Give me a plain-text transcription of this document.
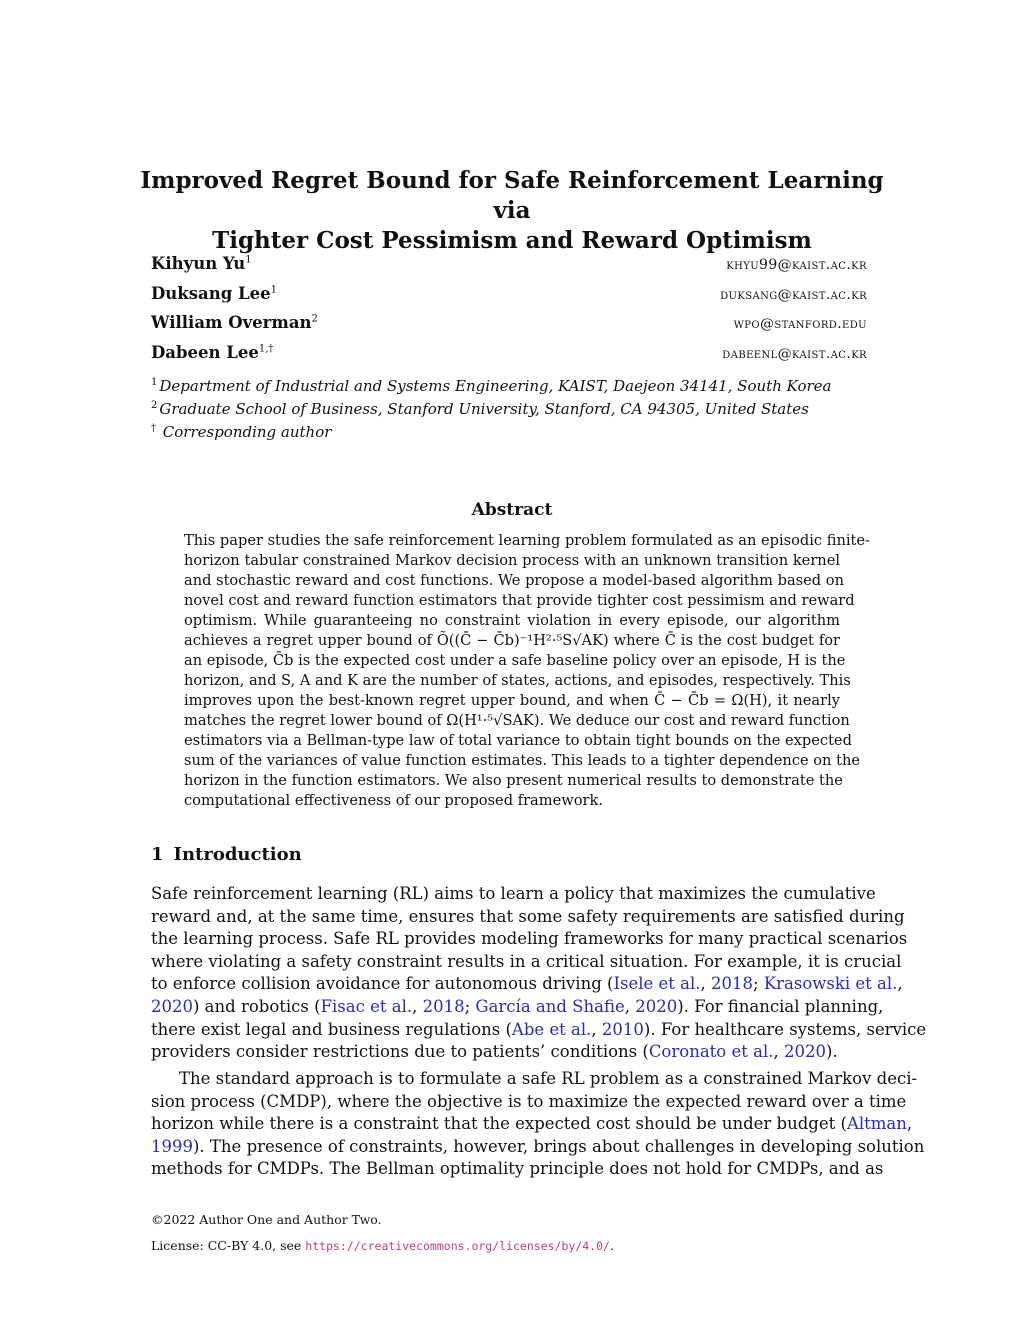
Improved Regret Bound for Safe Reinforcement Learning via
Tighter Cost Pessimism and Reward Optimism
Kihyun Yu$^1$	khyu99@kaist.ac.kr
Duksang Lee$^1$	duksang@kaist.ac.kr
William Overman$^2$	wpo@stanford.edu
Dabeen Lee$^{1,\dagger}$	dabeenl@kaist.ac.kr
$^1$ Department of Industrial and Systems Engineering, KAIST, Daejeon 34141, South Korea
$^2$ Graduate School of Business, Stanford University, Stanford, CA 94305, United States
† Corresponding author
Abstract
This paper studies the safe reinforcement learning problem formulated as an episodic finite-
horizon tabular constrained Markov decision process with an unknown transition kernel
and stochastic reward and cost functions. We propose a model-based algorithm based on
novel cost and reward function estimators that provide tighter cost pessimism and reward
optimism. While guaranteeing no constraint violation in every episode, our algorithm
achieves a regret upper bound of Õ((C̄ − C̄b)⁻¹H²·⁵S√AK) where C̄ is the cost budget for
an episode, C̄b is the expected cost under a safe baseline policy over an episode, H is the
horizon, and S, A and K are the number of states, actions, and episodes, respectively. This
improves upon the best-known regret upper bound, and when C̄ − C̄b = Ω(H), it nearly
matches the regret lower bound of Ω(H¹·⁵√SAK). We deduce our cost and reward function
estimators via a Bellman-type law of total variance to obtain tight bounds on the expected
sum of the variances of value function estimates. This leads to a tighter dependence on the
horizon in the function estimators. We also present numerical results to demonstrate the
computational effectiveness of our proposed framework.
1 Introduction
Safe reinforcement learning (RL) aims to learn a policy that maximizes the cumulative
reward and, at the same time, ensures that some safety requirements are satisfied during
the learning process. Safe RL provides modeling frameworks for many practical scenarios
where violating a safety constraint results in a critical situation. For example, it is crucial
to enforce collision avoidance for autonomous driving (Isele et al., 2018; Krasowski et al.,
2020) and robotics (Fisac et al., 2018; García and Shafie, 2020). For financial planning,
there exist legal and business regulations (Abe et al., 2010). For healthcare systems, service
providers consider restrictions due to patients’ conditions (Coronato et al., 2020).
The standard approach is to formulate a safe RL problem as a constrained Markov deci-
sion process (CMDP), where the objective is to maximize the expected reward over a time
horizon while there is a constraint that the expected cost should be under budget (Altman,
1999). The presence of constraints, however, brings about challenges in developing solution
methods for CMDPs. The Bellman optimality principle does not hold for CMDPs, and as
©2022 Author One and Author Two.
License: CC-BY 4.0, see https://creativecommons.org/licenses/by/4.0/.
